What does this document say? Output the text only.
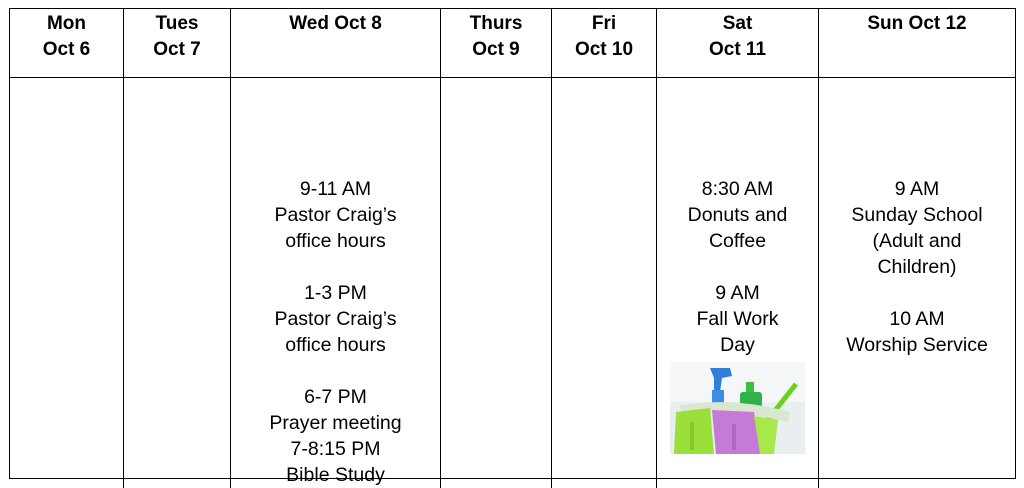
Mon
Oct 6
Tues
Oct 7
Wed Oct 8	Thurs
Oct 9
Fri
Oct 10
Sat
Oct 11
Sun Oct 12
9-11 AM
Pastor Craig’s
office hours
1-3 PM
Pastor Craig’s
office hours
6-7 PM
Prayer meeting
7-8:15 PM
Bible Study
8:30 AM
Donuts and
Coffee
9 AM
Fall Work
Day
9 AM
Sunday School
(Adult and
Children)
10 AM
Worship Service
